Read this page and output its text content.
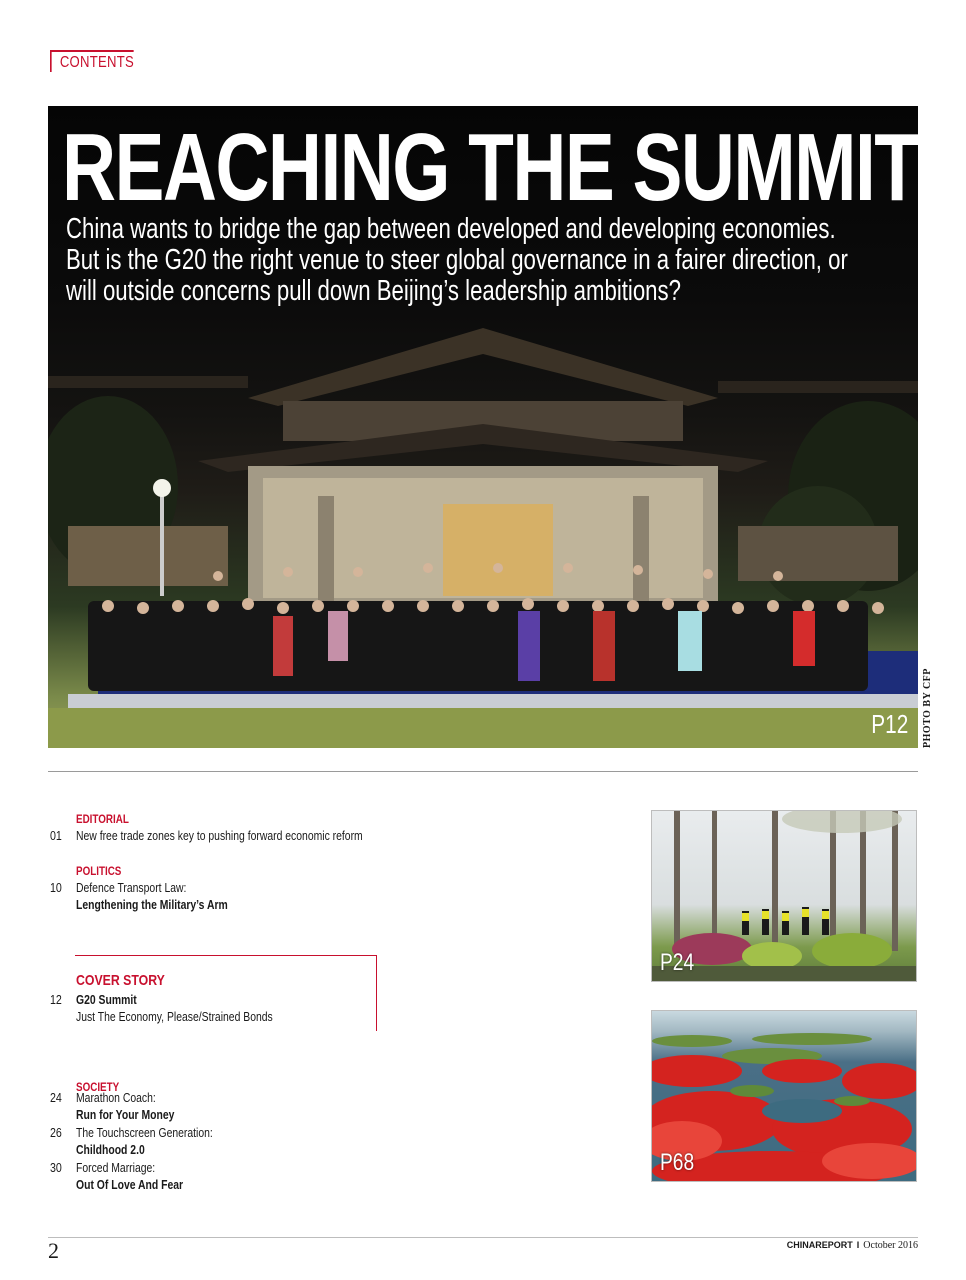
CONTENTS
REACHING THE SUMMIT
China wants to bridge the gap between developed and developing economies. But is the G20 the right venue to steer global governance in a fairer direction, or will outside concerns pull down Beijing’s leadership ambitions?
P12 PHOTO BY CFP
EDITORIAL
01 New free trade zones key to pushing forward economic reform
POLITICS
10 Defence Transport Law:
Lengthening the Military’s Arm
SOCIETY
24 Marathon Coach:
Run for Your Money
26 The Touchscreen Generation:
Childhood 2.0
30 Forced Marriage:
Out Of Love And Fear
COVER STORY
12 G20 Summit
Just The Economy, Please/Strained Bonds
P24
P68
2	CHINAREPORT I October 2016
